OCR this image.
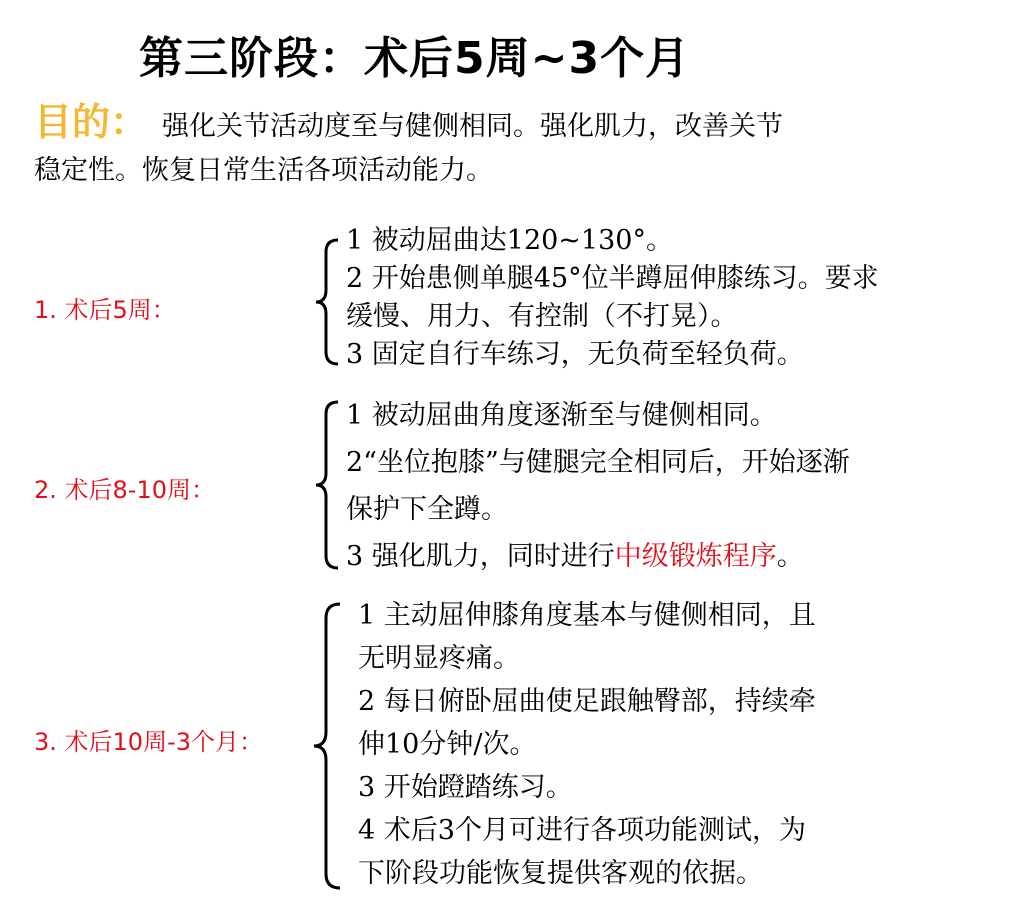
第三阶段：术后5周~3个月
目的： 强化关节活动度至与健侧相同。强化肌力，改善关节
稳定性。恢复日常生活各项活动能力。
1. 术后5周：
1 被动屈曲达120~130°。
2 开始患侧单腿45°位半蹲屈伸膝练习。要求
缓慢、用力、有控制（不打晃）。
3 固定自行车练习，无负荷至轻负荷。
2. 术后8-10周：
1 被动屈曲角度逐渐至与健侧相同。
2“坐位抱膝”与健腿完全相同后，开始逐渐
保护下全蹲。
3 强化肌力，同时进行中级锻炼程序。
3. 术后10周-3个月：
1 主动屈伸膝角度基本与健侧相同，且
无明显疼痛。
2 每日俯卧屈曲使足跟触臀部，持续牵
伸10分钟/次。
3 开始蹬踏练习。
4 术后3个月可进行各项功能测试，为
下阶段功能恢复提供客观的依据。
